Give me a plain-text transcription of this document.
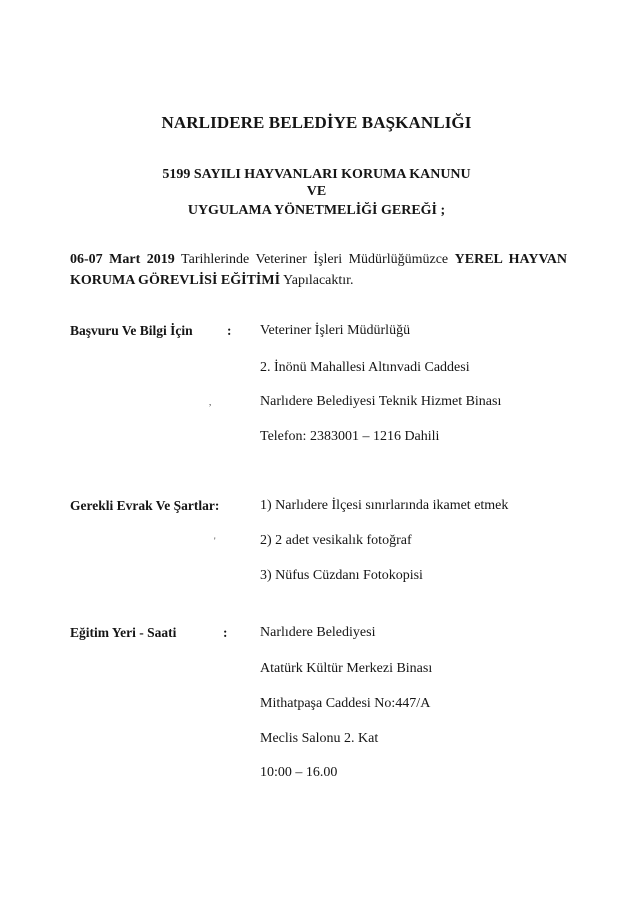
NARLIDERE BELEDİYE BAŞKANLIĞI
5199 SAYILI HAYVANLARI KORUMA KANUNU
VE
UYGULAMA YÖNETMELİĞİ GEREĞİ ;
06-07 Mart 2019 Tarihlerinde Veteriner İşleri Müdürlüğümüzce YEREL HAYVAN KORUMA GÖREVLİSİ EĞİTİMİ Yapılacaktır.
Başvuru Ve Bilgi İçin	: Veteriner İşleri Müdürlüğü
2. İnönü Mahallesi Altınvadi Caddesi
Narlıdere Belediyesi Teknik Hizmet Binası
Telefon: 2383001 – 1216 Dahili
,
Gerekli Evrak Ve Şartlar:	1) Narlıdere İlçesi sınırlarında ikamet etmek
2) 2 adet vesikalık fotoğraf
3) Nüfus Cüzdanı Fotokopisi
'
Eğitim Yeri - Saati	: Narlıdere Belediyesi
Atatürk Kültür Merkezi Binası
Mithatpaşa Caddesi No:447/A
Meclis Salonu 2. Kat
10:00 – 16.00
